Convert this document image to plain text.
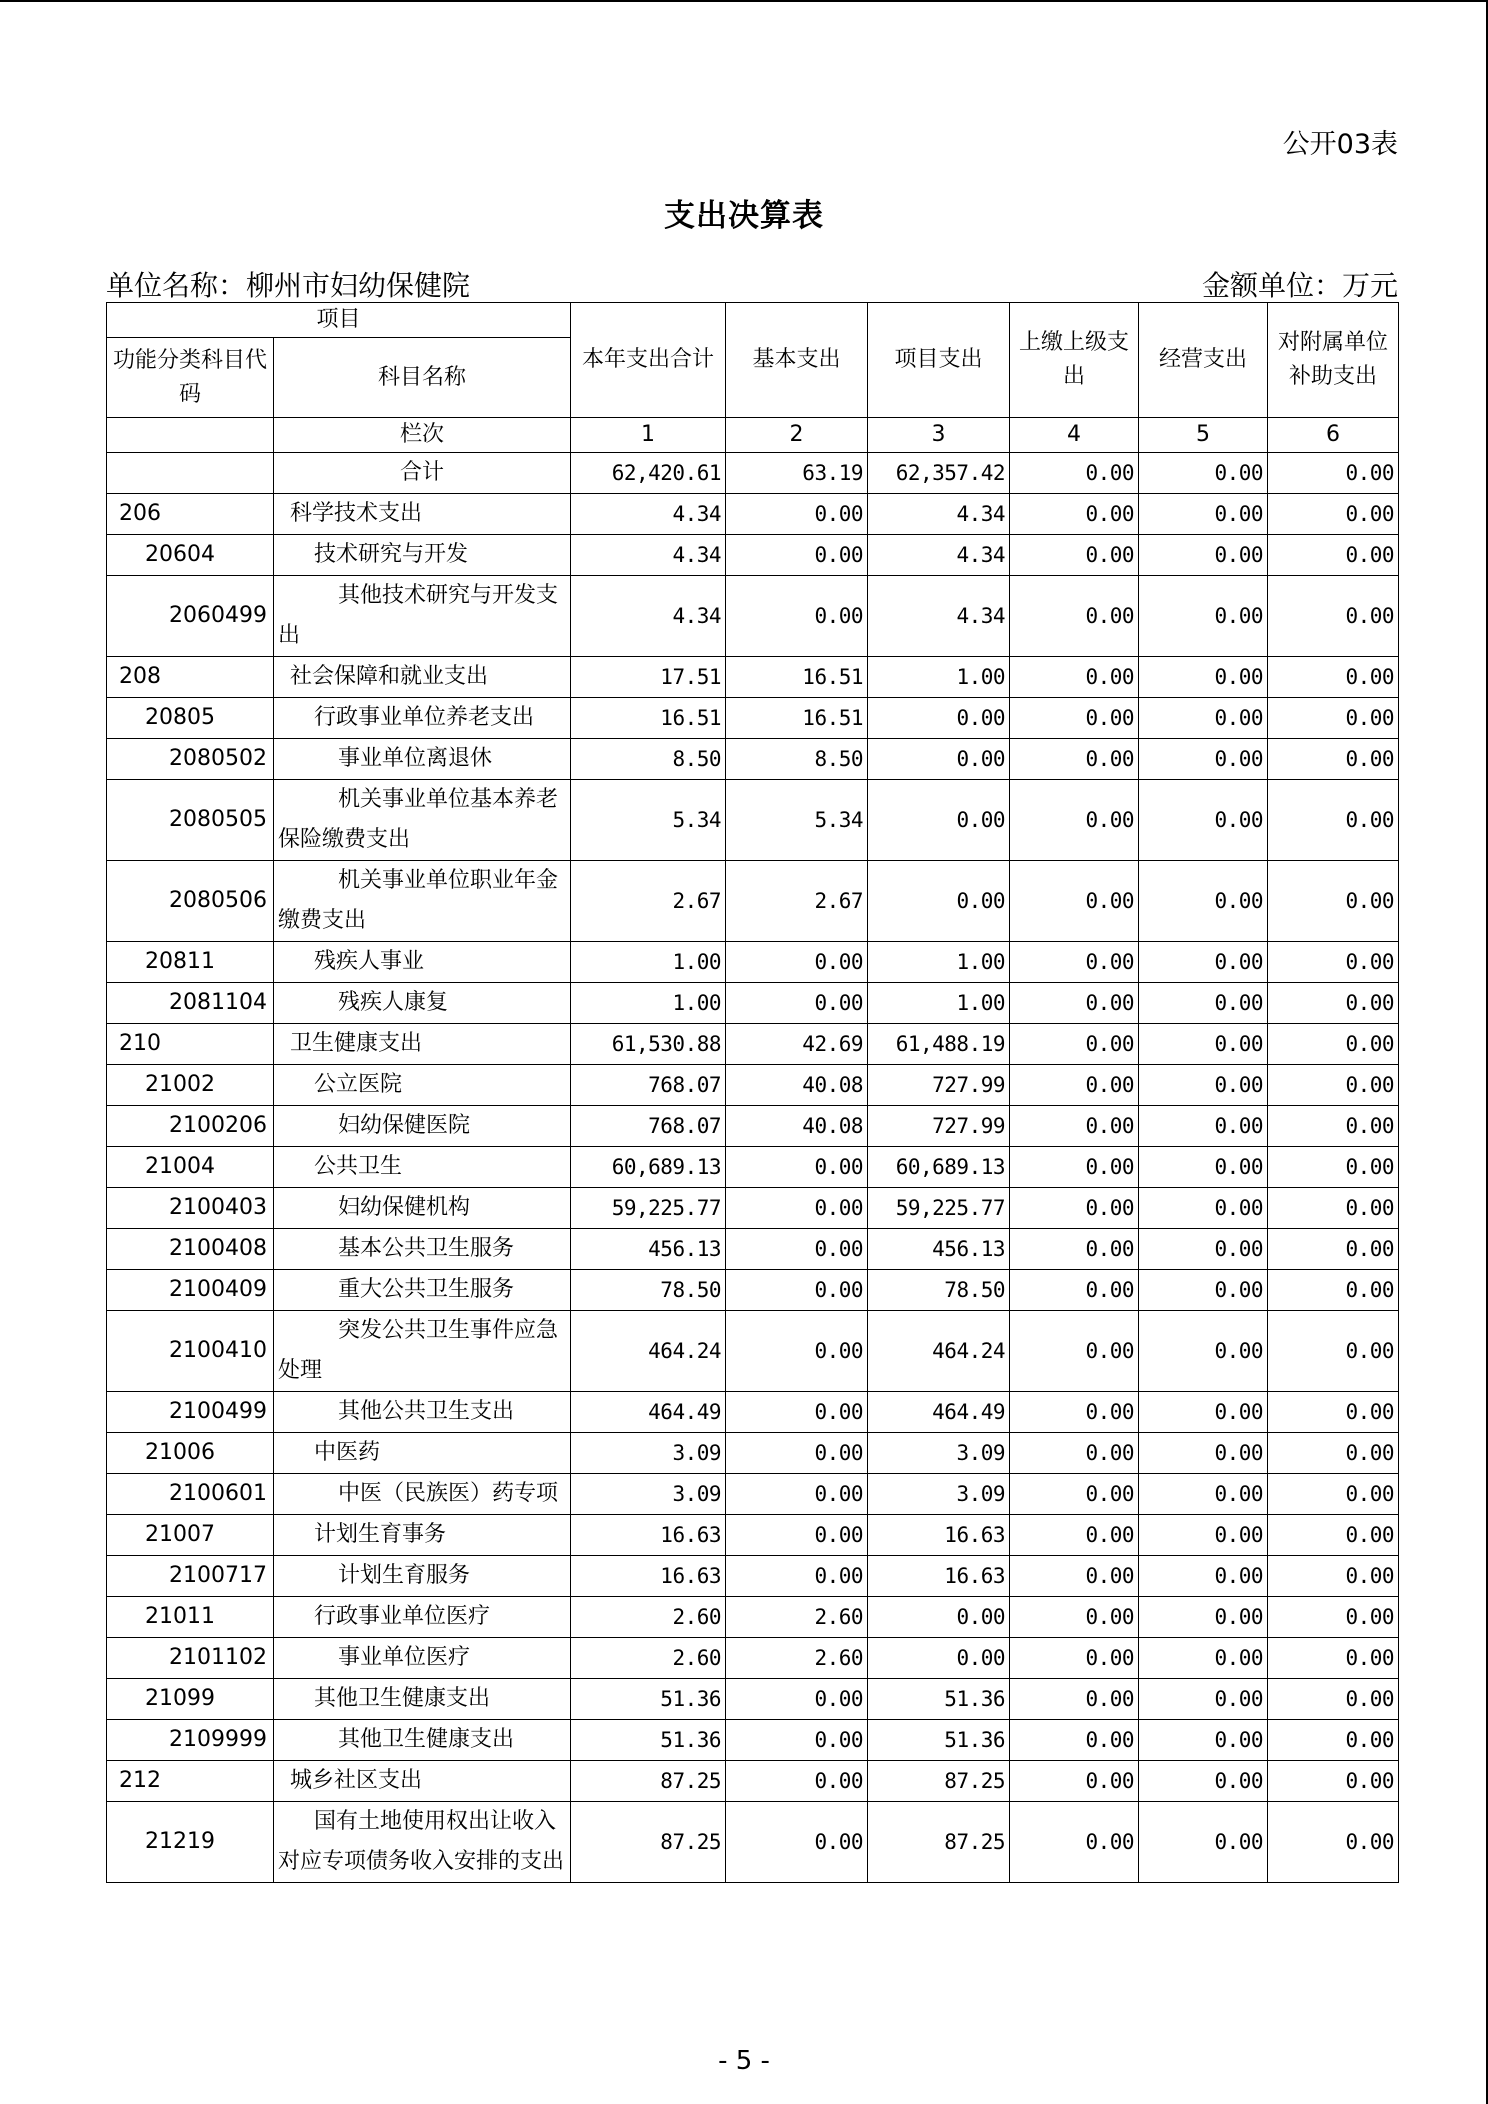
公开03表
支出决算表
单位名称：柳州市妇幼保健院	金额单位：万元
项目		本年支出合计	基本支出	项目支出	上缴上级支出	经营支出	对附属单位补助支出
功能分类科目代码	科目名称						
	栏次	1	2	3	4	5	6

	合计	62,420.61	63.19	62,357.42	0.00	0.00	0.00
206	科学技术支出	4.34	0.00	4.34	0.00	0.00	0.00
20604	技术研究与开发	4.34	0.00	4.34	0.00	0.00	0.00
2060499	其他技术研究与开发支出	4.34	0.00	4.34	0.00	0.00	0.00
208	社会保障和就业支出	17.51	16.51	1.00	0.00	0.00	0.00
20805	行政事业单位养老支出	16.51	16.51	0.00	0.00	0.00	0.00
2080502	事业单位离退休	8.50	8.50	0.00	0.00	0.00	0.00
2080505	机关事业单位基本养老保险缴费支出	5.34	5.34	0.00	0.00	0.00	0.00
2080506	机关事业单位职业年金缴费支出	2.67	2.67	0.00	0.00	0.00	0.00
20811	残疾人事业	1.00	0.00	1.00	0.00	0.00	0.00
2081104	残疾人康复	1.00	0.00	1.00	0.00	0.00	0.00
210	卫生健康支出	61,530.88	42.69	61,488.19	0.00	0.00	0.00
21002	公立医院	768.07	40.08	727.99	0.00	0.00	0.00
2100206	妇幼保健医院	768.07	40.08	727.99	0.00	0.00	0.00
21004	公共卫生	60,689.13	0.00	60,689.13	0.00	0.00	0.00
2100403	妇幼保健机构	59,225.77	0.00	59,225.77	0.00	0.00	0.00
2100408	基本公共卫生服务	456.13	0.00	456.13	0.00	0.00	0.00
2100409	重大公共卫生服务	78.50	0.00	78.50	0.00	0.00	0.00
2100410	突发公共卫生事件应急处理	464.24	0.00	464.24	0.00	0.00	0.00
2100499	其他公共卫生支出	464.49	0.00	464.49	0.00	0.00	0.00
21006	中医药	3.09	0.00	3.09	0.00	0.00	0.00
2100601	中医（民族医）药专项	3.09	0.00	3.09	0.00	0.00	0.00
21007	计划生育事务	16.63	0.00	16.63	0.00	0.00	0.00
2100717	计划生育服务	16.63	0.00	16.63	0.00	0.00	0.00
21011	行政事业单位医疗	2.60	2.60	0.00	0.00	0.00	0.00
2101102	事业单位医疗	2.60	2.60	0.00	0.00	0.00	0.00
21099	其他卫生健康支出	51.36	0.00	51.36	0.00	0.00	0.00
2109999	其他卫生健康支出	51.36	0.00	51.36	0.00	0.00	0.00
212	城乡社区支出	87.25	0.00	87.25	0.00	0.00	0.00
21219	国有土地使用权出让收入对应专项债务收入安排的支出	87.25	0.00	87.25	0.00	0.00	0.00
- 5 -
